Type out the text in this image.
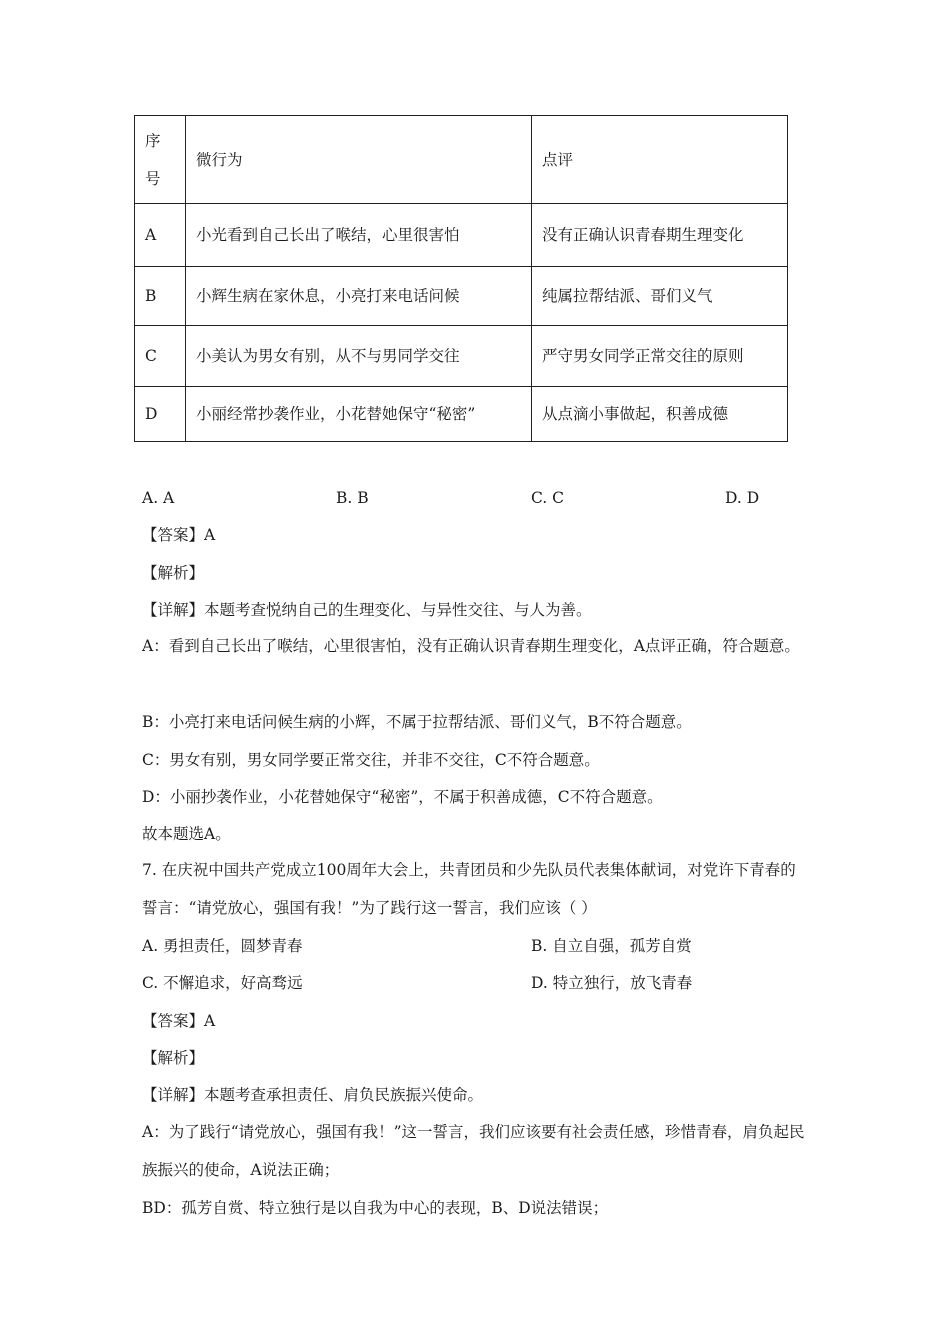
序号	微行为	点评
A	小光看到自己长出了喉结，心里很害怕	没有正确认识青春期生理变化
B	小辉生病在家休息，小亮打来电话问候	纯属拉帮结派、哥们义气
C	小美认为男女有别，从不与男同学交往	严守男女同学正常交往的原则
D	小丽经常抄袭作业，小花替她保守“秘密”	从点滴小事做起，积善成德
A. A	B. B	C. C	D. D
【答案】A
【解析】
【详解】本题考查悦纳自己的生理变化、与异性交往、与人为善。
A：看到自己长出了喉结，心里很害怕，没有正确认识青春期生理变化，A点评正确，符合题意。
B：小亮打来电话问候生病的小辉，不属于拉帮结派、哥们义气，B不符合题意。
C：男女有别，男女同学要正常交往，并非不交往，C不符合题意。
D：小丽抄袭作业，小花替她保守“秘密”，不属于积善成德，C不符合题意。
故本题选A。
7. 在庆祝中国共产党成立100周年大会上，共青团员和少先队员代表集体献词，对党许下青春的誓言：“请党放心，强国有我！”为了践行这一誓言，我们应该（ ）
A. 勇担责任，圆梦青春	B. 自立自强，孤芳自赏
C. 不懈追求，好高骛远	D. 特立独行，放飞青春
【答案】A
【解析】
【详解】本题考查承担责任、肩负民族振兴使命。
A：为了践行“请党放心，强国有我！”这一誓言，我们应该要有社会责任感，珍惜青春，肩负起民族振兴的使命，A说法正确；
BD：孤芳自赏、特立独行是以自我为中心的表现，B、D说法错误；
